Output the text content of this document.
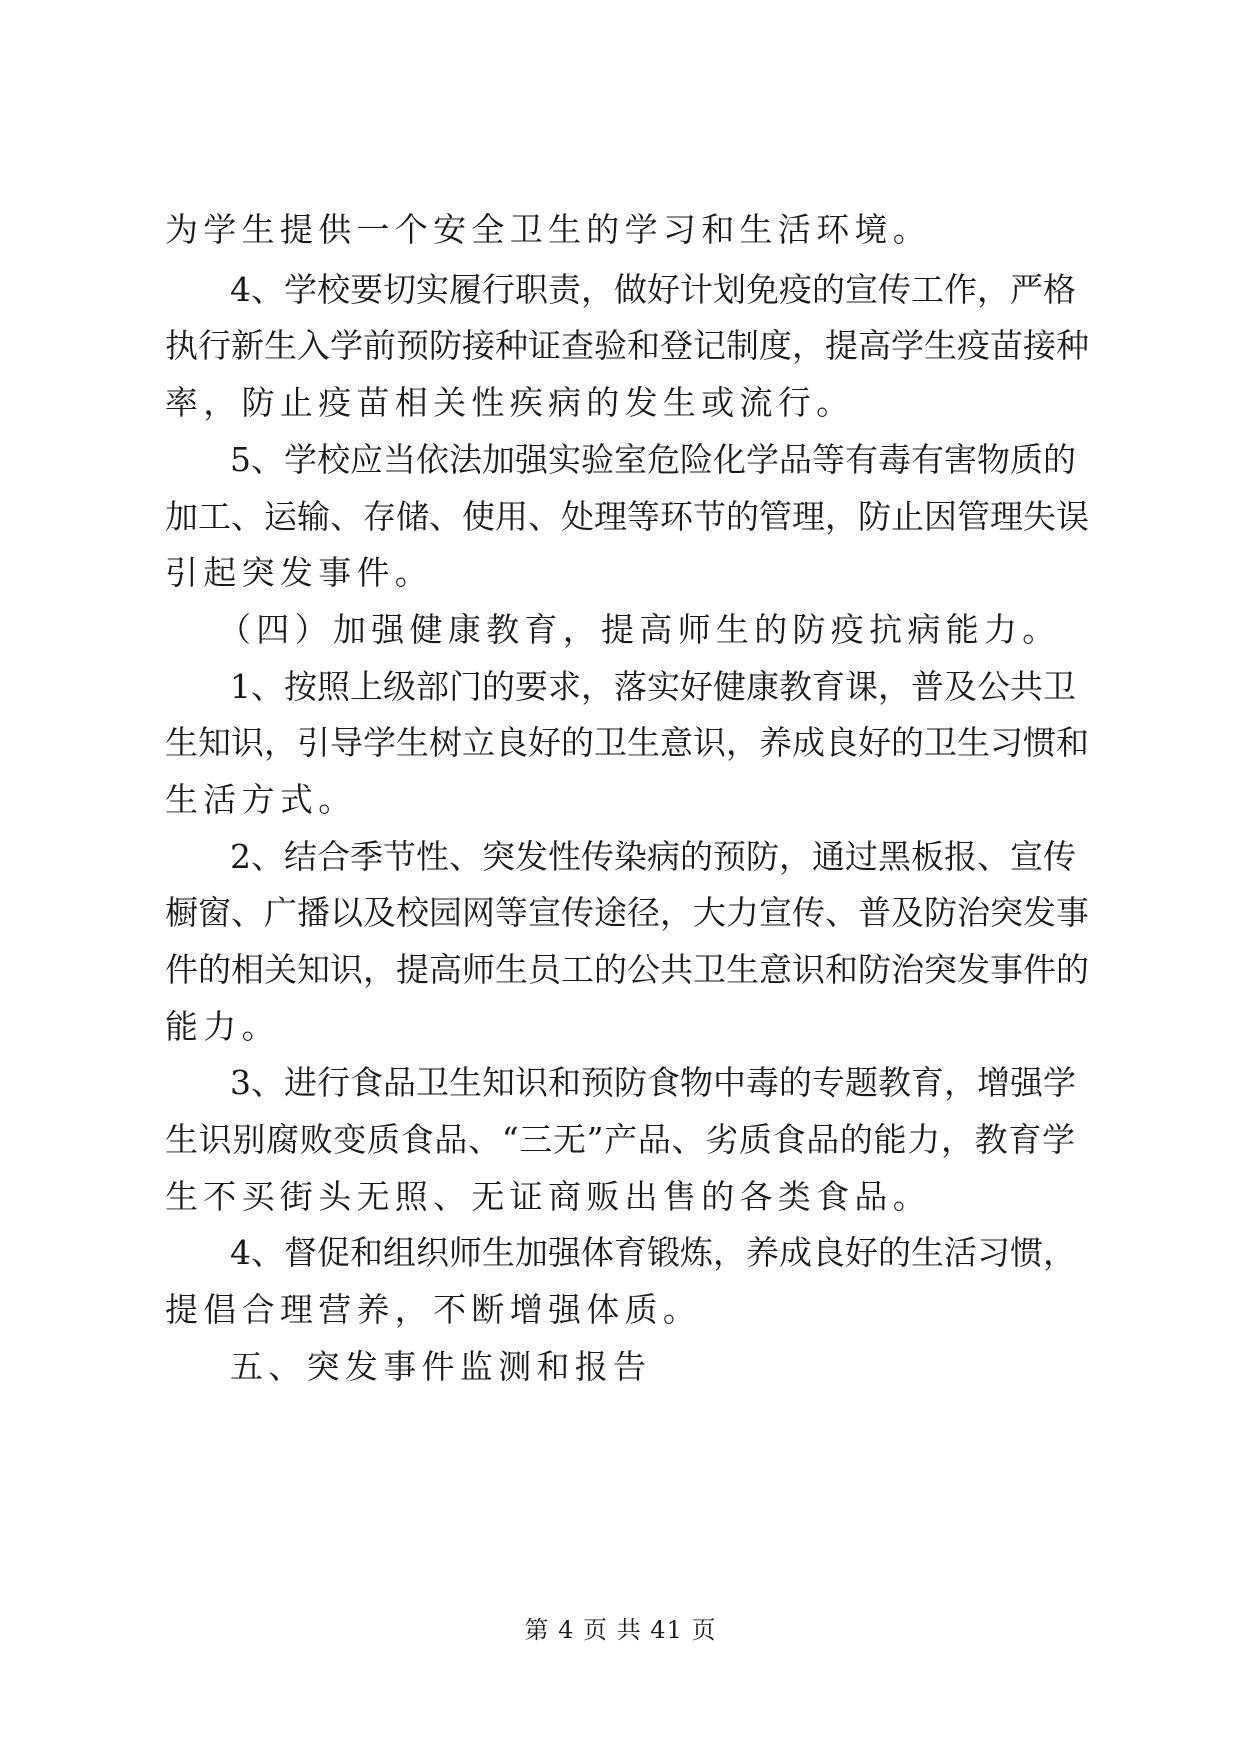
为学生提供一个安全卫生的学习和生活环境。
4、学校要切实履行职责，做好计划免疫的宣传工作，严格
执行新生入学前预防接种证查验和登记制度，提高学生疫苗接种
率，防止疫苗相关性疾病的发生或流行。
5、学校应当依法加强实验室危险化学品等有毒有害物质的
加工、运输、存储、使用、处理等环节的管理，防止因管理失误
引起突发事件。
（四）加强健康教育，提高师生的防疫抗病能力。
1、按照上级部门的要求，落实好健康教育课，普及公共卫
生知识，引导学生树立良好的卫生意识，养成良好的卫生习惯和
生活方式。
2、结合季节性、突发性传染病的预防，通过黑板报、宣传
橱窗、广播以及校园网等宣传途径，大力宣传、普及防治突发事
件的相关知识，提高师生员工的公共卫生意识和防治突发事件的
能力。
3、进行食品卫生知识和预防食物中毒的专题教育，增强学
生识别腐败变质食品、“三无”产品、劣质食品的能力，教育学
生不买街头无照、无证商贩出售的各类食品。
4、督促和组织师生加强体育锻炼，养成良好的生活习惯，
提倡合理营养，不断增强体质。
五、突发事件监测和报告
第 4 页 共 41 页
